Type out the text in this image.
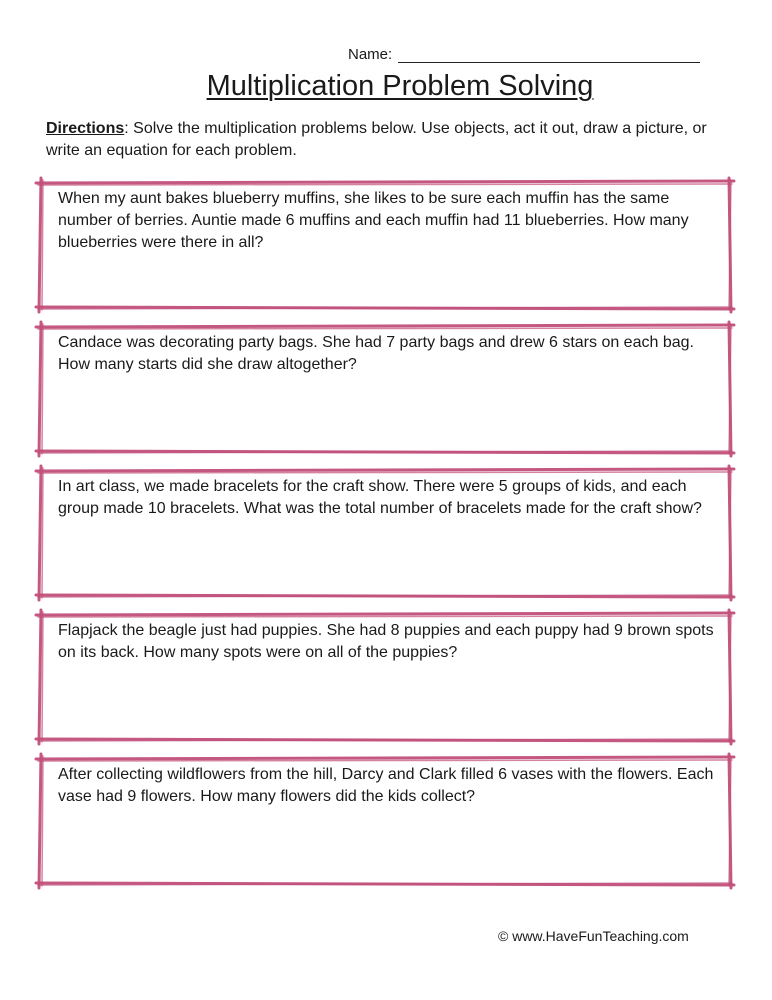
Name:
Multiplication Problem Solving
Directions: Solve the multiplication problems below. Use objects, act it out, draw a picture, or write an equation for each problem.
When my aunt bakes blueberry muffins, she likes to be sure each muffin has the same number of berries. Auntie made 6 muffins and each muffin had 11 blueberries. How many blueberries were there in all?
Candace was decorating party bags. She had 7 party bags and drew 6 stars on each bag. How many starts did she draw altogether?
In art class, we made bracelets for the craft show. There were 5 groups of kids, and each group made 10 bracelets. What was the total number of bracelets made for the craft show?
Flapjack the beagle just had puppies. She had 8 puppies and each puppy had 9 brown spots on its back. How many spots were on all of the puppies?
After collecting wildflowers from the hill, Darcy and Clark filled 6 vases with the flowers. Each vase had 9 flowers. How many flowers did the kids collect?
© www.HaveFunTeaching.com
